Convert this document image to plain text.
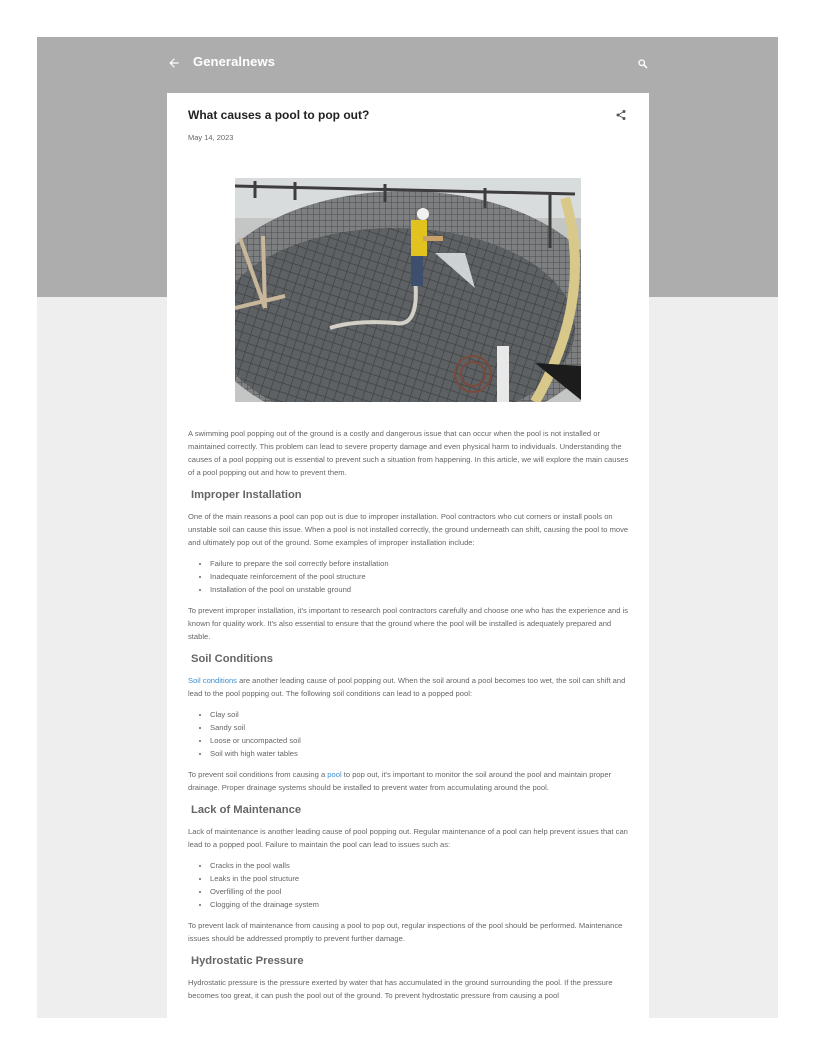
Generalnews
What causes a pool to pop out?
May 14, 2023

A swimming pool popping out of the ground is a costly and dangerous issue that can occur when the pool is not installed or maintained correctly. This problem can lead to severe property damage and even physical harm to individuals. Understanding the causes of a pool popping out is essential to prevent such a situation from happening. In this article, we will explore the main causes of a pool popping out and how to prevent them.

Improper Installation

One of the main reasons a pool can pop out is due to improper installation. Pool contractors who cut corners or install pools on unstable soil can cause this issue. When a pool is not installed correctly, the ground underneath can shift, causing the pool to move and ultimately pop out of the ground. Some examples of improper installation include:

• Failure to prepare the soil correctly before installation
• Inadequate reinforcement of the pool structure
• Installation of the pool on unstable ground

To prevent improper installation, it's important to research pool contractors carefully and choose one who has the experience and is known for quality work. It's also essential to ensure that the ground where the pool will be installed is adequately prepared and stable.

Soil Conditions

Soil conditions are another leading cause of pool popping out. When the soil around a pool becomes too wet, the soil can shift and lead to the pool popping out. The following soil conditions can lead to a popped pool:

• Clay soil
• Sandy soil
• Loose or uncompacted soil
• Soil with high water tables

To prevent soil conditions from causing a pool to pop out, it's important to monitor the soil around the pool and maintain proper drainage. Proper drainage systems should be installed to prevent water from accumulating around the pool.

Lack of Maintenance

Lack of maintenance is another leading cause of pool popping out. Regular maintenance of a pool can help prevent issues that can lead to a popped pool. Failure to maintain the pool can lead to issues such as:

• Cracks in the pool walls
• Leaks in the pool structure
• Overfilling of the pool
• Clogging of the drainage system

To prevent lack of maintenance from causing a pool to pop out, regular inspections of the pool should be performed. Maintenance issues should be addressed promptly to prevent further damage.

Hydrostatic Pressure

Hydrostatic pressure is the pressure exerted by water that has accumulated in the ground surrounding the pool. If the pressure becomes too great, it can push the pool out of the ground. To prevent hydrostatic pressure from causing a pool
